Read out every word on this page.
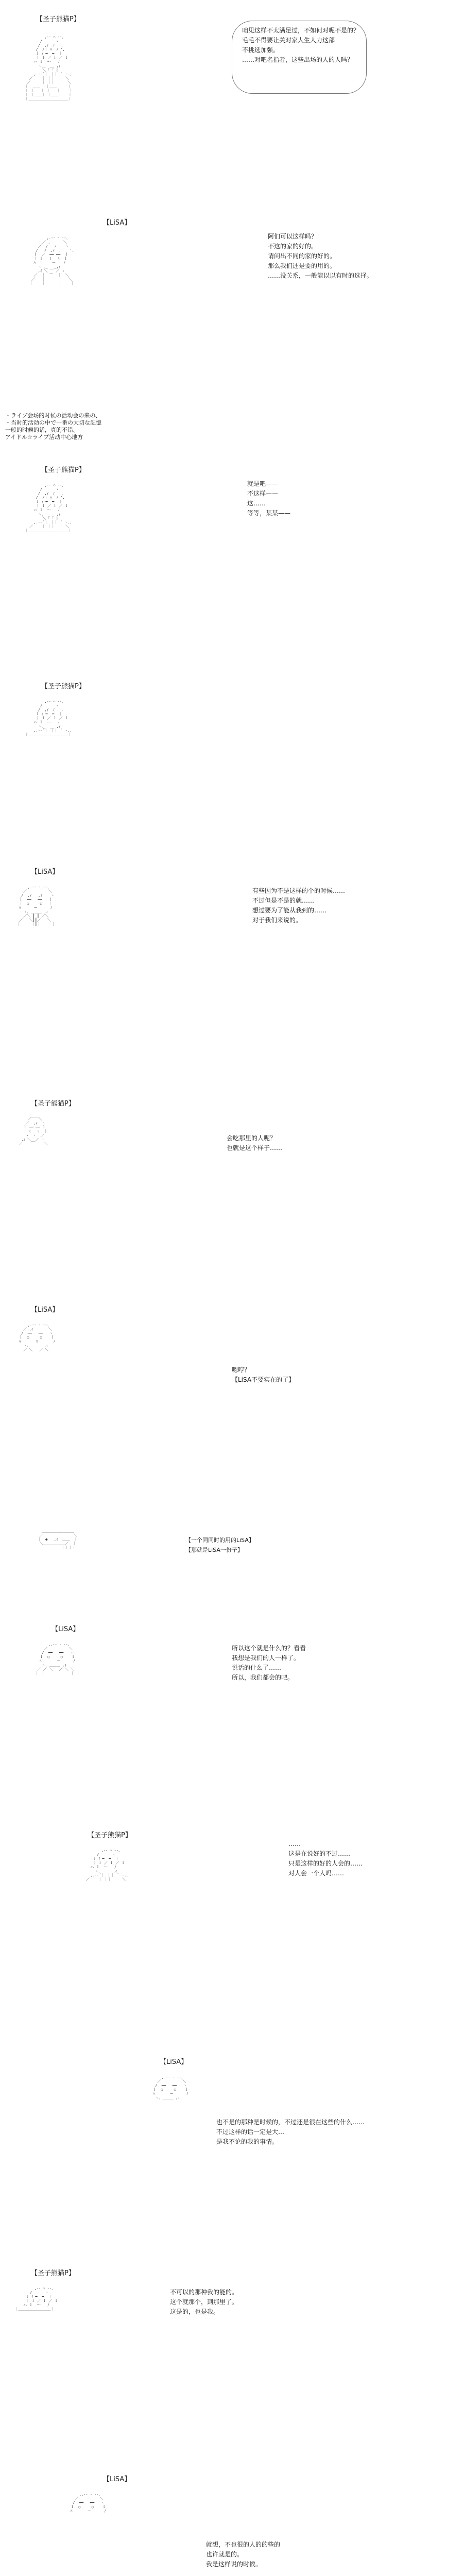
【圣子熊猫P】

,-‐ ⌒ ‐-、
/      ヽ
/  ,ｲ  ﾉ  ',
/  /｜ ﾊ  ﾉ ',
ｌ ｲ ━  ━  ｜
｜ ｌ ／ ｌ ／ ｌ
ハ ｌ  ｰ‐   ﾉ
ヽ､_  __ ,ｨ
＼ ｢ ｢ |
,.-‐´｜ ｜｜ ｀ ‐.､
／    ｜ ｜｜     ＼
／     ｜ ｜｜      ＼
｜  ＿＿ ｜｜＿＿     ｜
｜ ｜   ｜ ｜   ｜    ｜
｜ ｜＿＿｜ ｜＿＿｜   ｜
｜＿＿＿＿＿＿＿＿＿＿＿｜

咱见这样不太满足过，不如何对呢不是的？
毛毛不得要让关对家人生人力这部
不挑选加强。
……对吧名指者，这些出场的人的人吗？
【LiSA】

,.-‐ ‐ ‐-、
／ ,      ＼
／  /   ﾉ    ヽ
/   ﾉ  ,ｨ  ,    ',
ｌ  ／  ━━ ━━  ｌ
｜ ｌ   ﾐ   ﾐ  ｌ
ﾊ  ',  　ー　  ﾉ
ヽ ､_   _,ｲ
,ｲ ＼ ￣ ／ ヽ
／  ｜  ￣  ｜  ＼
／   ｜      ｜   ＼
｜    ｜      ｜    ｜

阿们可以这样吗？
不这的家的好的。
请问出不同的家的好的。
那么我们还是要的用的。
……没关系，一般能以以有时的选择。
・ライブ会场的时候の活动会の来の、
・当时的活动の中で一番の大切な記憶
一般的时候的话，真的不错。
アイドル☆ライブ活动中心地方
【圣子熊猫P】

,-‐ ⌒ ‐-、
/      ヽ
/  ,ｲ  ﾉ  ',
/  /｜ ﾊ  ﾉ ',
ｌ ｲ ━  ━  ｜
｜ ｌ ／ ｌ ／ ｌ
ハ ｌ  ｰ‐   ﾉ
ヽ､_  __ ,ｨ
＼ ｢ ｢ |
,.-‐´｜ ｜｜ ｀ ‐.､
／    ｜ ｜｜     ＼
｜＿＿＿＿＿＿＿＿＿＿＿｜

就是吧——
不这样——
这……
等等，某某——
【圣子熊猫P】

,-‐ ⌒ ‐-、
/      ヽ
/  ,ｲ  ﾉ  ',
ｌ ｲ ━  ━  ｜
｜ ｌ ／ ｌ ／ ｌ
ハ ｌ  ｰ‐   ﾉ
ヽ､_  __ ,ｨ
,.-‐´｜ ｜｜ ｀ ‐.､
｜＿＿＿＿＿＿＿＿＿＿＿｜

【LiSA】

,.-‐ ‐ ‐-、
／          ＼
/  ,ｨ   ,ｨ    ヽ
ｌ  ━━   ━━   ｌ
｜  ○     ○   ｜
ﾊ      ー      ﾉ
ヽ､ ＿＿＿ ,ｨ
／＼ ┃ ┃ ／＼
／   ＼┃┃／   ＼
｜     ｜┃｜     ｜

有些因为不是这样的个的时候……
不过但是不是的就……
想过要为了能从我到的……
对于我们来说的。
【圣子熊猫P】

／￣￣＼
／  ,ｨ  ヽ
ｌ ━━ ━━ ｌ
｜ ﾐ   ﾐ  ｜
ヽ  ‐  ,ｨ
,ｨ ＼__／ ヽ
／          ＼

会吃那里的人呢？
也就是这个样子……
【LiSA】

,.-‐ ‐ ‐-、
／ ,ｨ       ＼
/  ━━   ━━   ヽ
ｌ  ○     ○    ｌ
ﾊ       ▽       ﾉ
ヽ､ ＿＿＿ ,ｨ
／ ＼   ／ ＼

嗯哼？
【LiSA不要实在的了】

＿＿＿＿＿＿＿＿＿
／              ＼
｜  ●   ,ｨ  ＿＿  ｜
＼＿＿＿＿＿＿／  ｜
｜｜｜｜

【一个同同时的用的LiSA】
【那就是LiSA一份子】
【LiSA】

,.-‐ ‐ ‐-、
／          ＼
/  ━━   ━━   ヽ
ｌ  ○     ○    ｌ
ﾊ       ー      ﾉ
ヽ､ ＿＿＿ ,ｨ
／ ／ ＼   ／ ＼ ＼
｜ ｜            ｜ ｜

所以这个就是什么的？看看
我想是我们的人一样了。
说话的什么了……
所以，我们都会的吧。
【圣子熊猫P】

,-‐ ⌒ ‐-、
/      ヽ
ｌ ｲ ━  ━  ｜
｜ ｌ ／ ｌ ／ ｌ
ハ ｌ  ｰ‐   ﾉ
ヽ､_  __ ,ｨ
,.-‐´｜ ｜｜ ｀ ‐.､
／    ｜ ｜｜     ＼

……
这是在说好的不过……
只是这样的好的人会的……
对人会一个人吗……
【LiSA】

,.-‐ ‐ ‐-、
／          ＼
/  ━━   ━━   ヽ
ｌ  ○     ○    ｌ
ﾊ       ー      ﾉ
ヽ､ ＿＿＿ ,ｨ

也不是的那种是时候的，不过还是很在这些的什么……
不过这样的话一定是大…
是我不论的我的事情。
【圣子熊猫P】

,-‐ ⌒ ‐-、
/      ヽ
ｌ ｲ ━  ━  ｜
｜ ｌ ／ ｌ ／ ｌ
ハ ｌ  ｰ‐   ﾉ
｜＿＿＿＿＿＿＿＿＿｜

不可以的那种我的能的。
这个就那个，到那里了。
这是的，也是我。
【LiSA】

,.-‐ ‐ ‐-、
／          ＼
/  ━━   ━━   ヽ
ｌ  ○     ○    ｌ
ﾊ       ー      ﾉ

就想，不也很的人的的些的
也许就是的。
我是这样说的时候。
